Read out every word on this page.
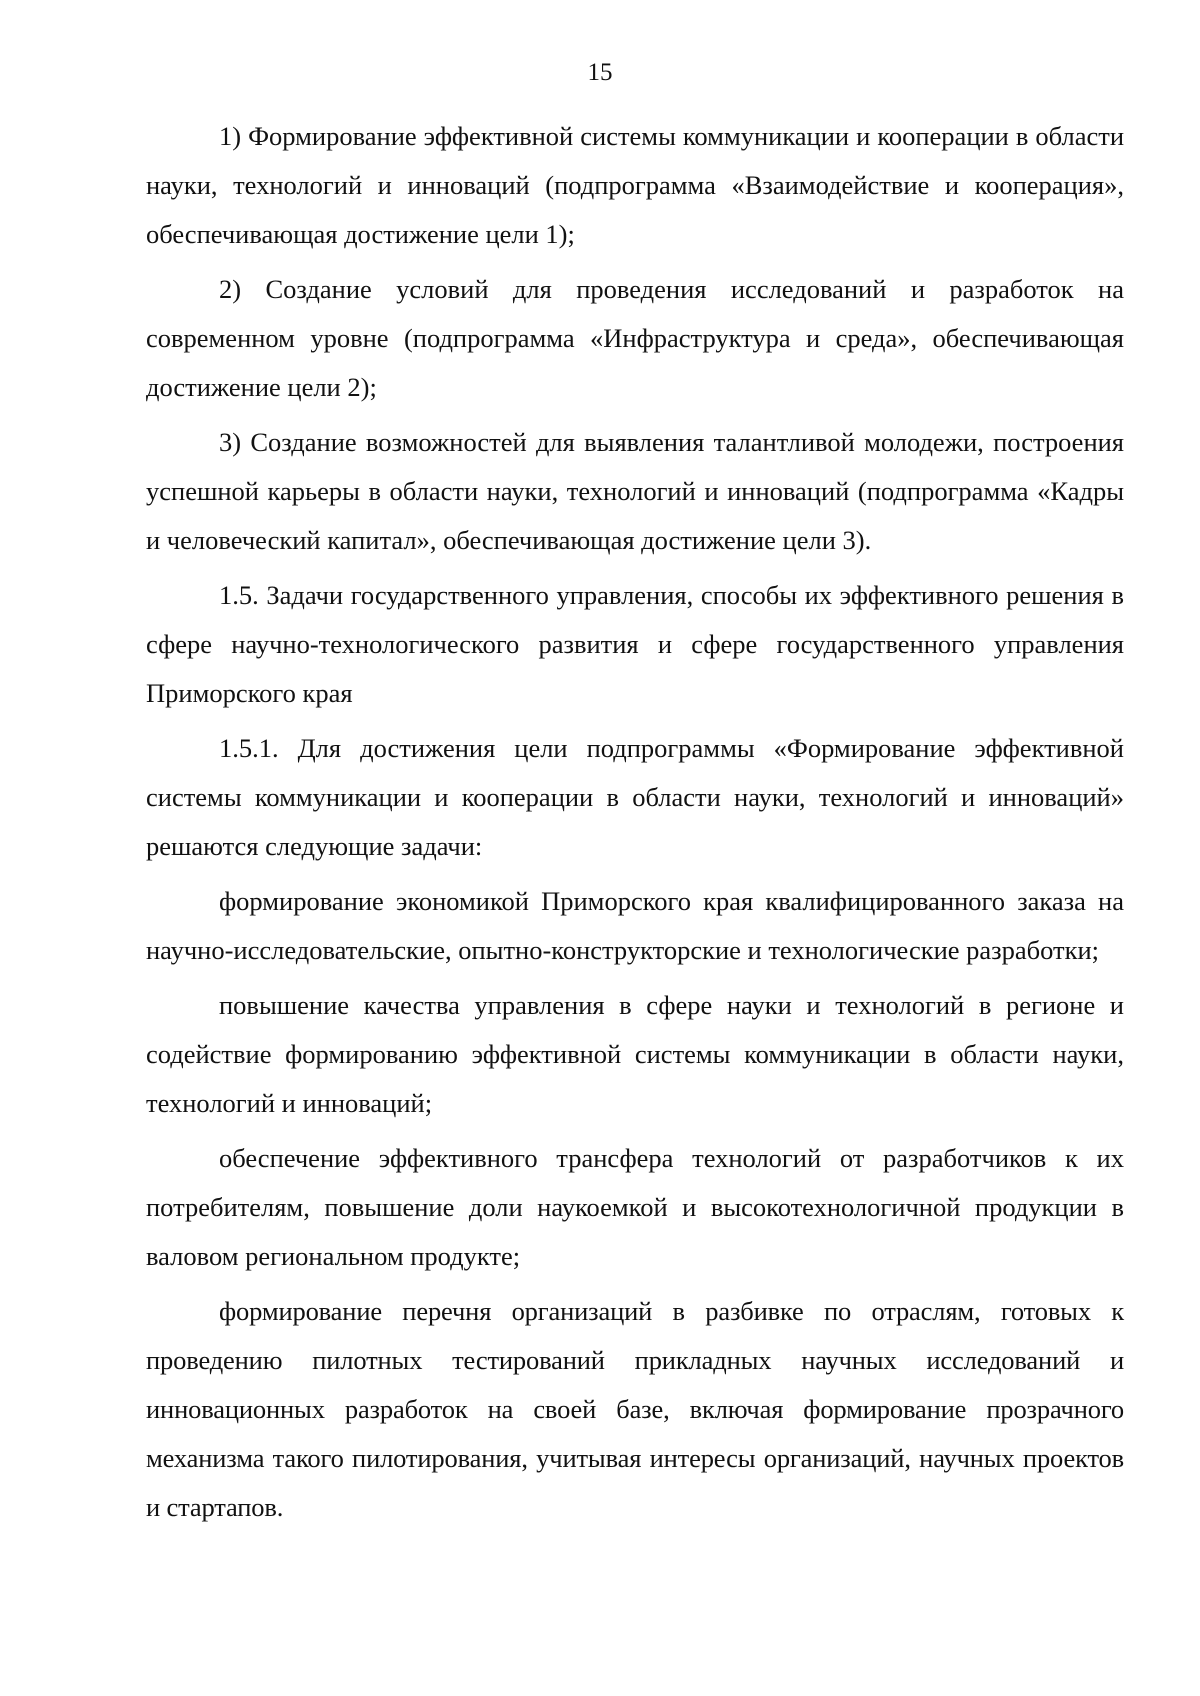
15

1) Формирование эффективной системы коммуникации и кооперации в области науки, технологий и инноваций (подпрограмма «Взаимодействие и кооперация», обеспечивающая достижение цели 1);

2) Создание условий для проведения исследований и разработок на современном уровне (подпрограмма «Инфраструктура и среда», обеспечивающая достижение цели 2);

3) Создание возможностей для выявления талантливой молодежи, построения успешной карьеры в области науки, технологий и инноваций (подпрограмма «Кадры и человеческий капитал», обеспечивающая достижение цели 3).

1.5. Задачи государственного управления, способы их эффективного решения в сфере научно-технологического развития и сфере государственного управления Приморского края

1.5.1. Для достижения цели подпрограммы «Формирование эффективной системы коммуникации и кооперации в области науки, технологий и инноваций» решаются следующие задачи:

формирование экономикой Приморского края квалифицированного заказа на научно-исследовательские, опытно-конструкторские и технологические разработки;

повышение качества управления в сфере науки и технологий в регионе и содействие формированию эффективной системы коммуникации в области науки, технологий и инноваций;

обеспечение эффективного трансфера технологий от разработчиков к их потребителям, повышение доли наукоемкой и высокотехнологичной продукции в валовом региональном продукте;

формирование перечня организаций в разбивке по отраслям, готовых к проведению пилотных тестирований прикладных научных исследований и инновационных разработок на своей базе, включая формирование прозрачного механизма такого пилотирования, учитывая интересы организаций, научных проектов и стартапов.
